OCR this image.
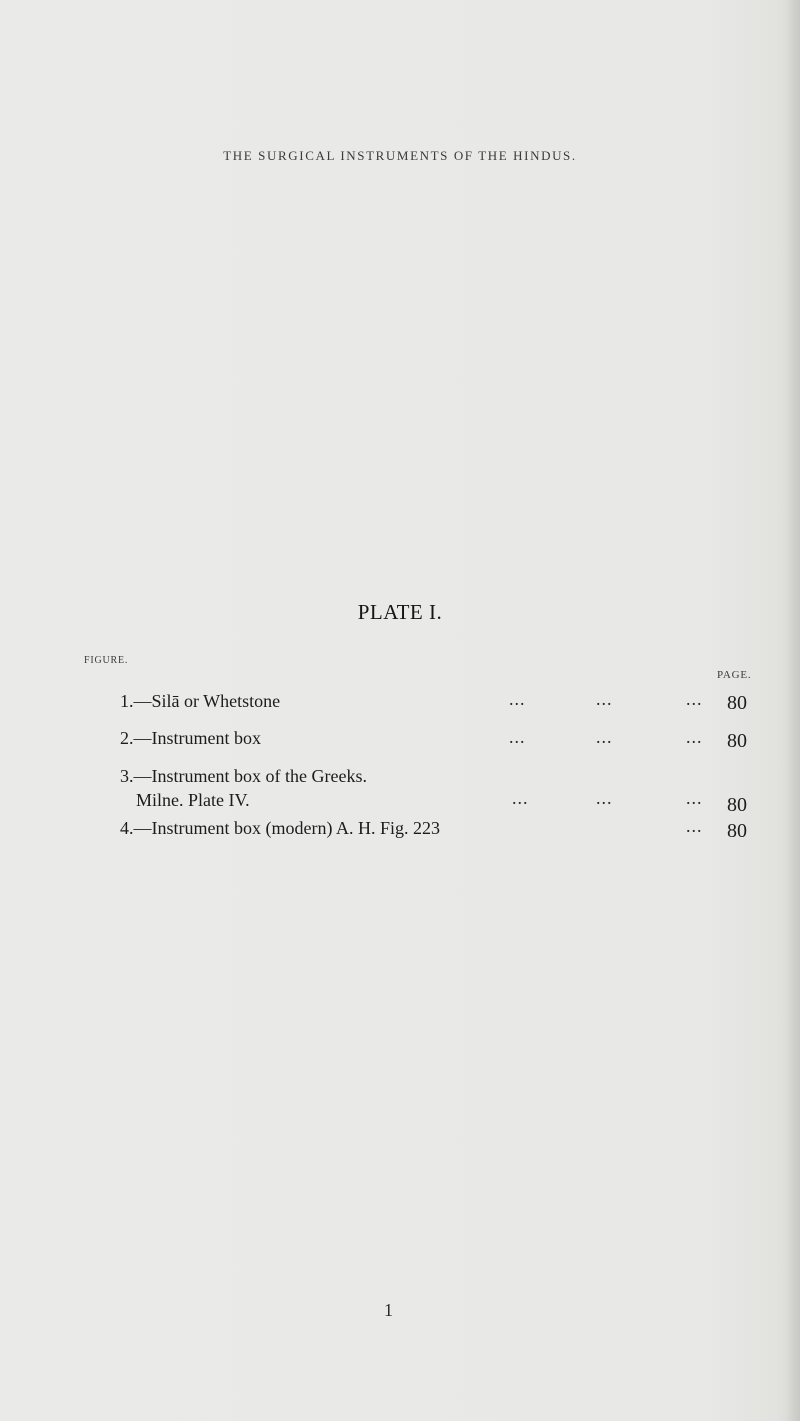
THE SURGICAL INSTRUMENTS OF THE HINDUS.
PLATE I.
FIGURE.
PAGE.
1.—Silā or Whetstone	...	...	... 80
2.—Instrument box	...	...	... 80
3.—Instrument box of the Greeks.
Milne. Plate IV.	...	...	... 80
4.—Instrument box (modern) A. H. Fig. 223	... 80
1
